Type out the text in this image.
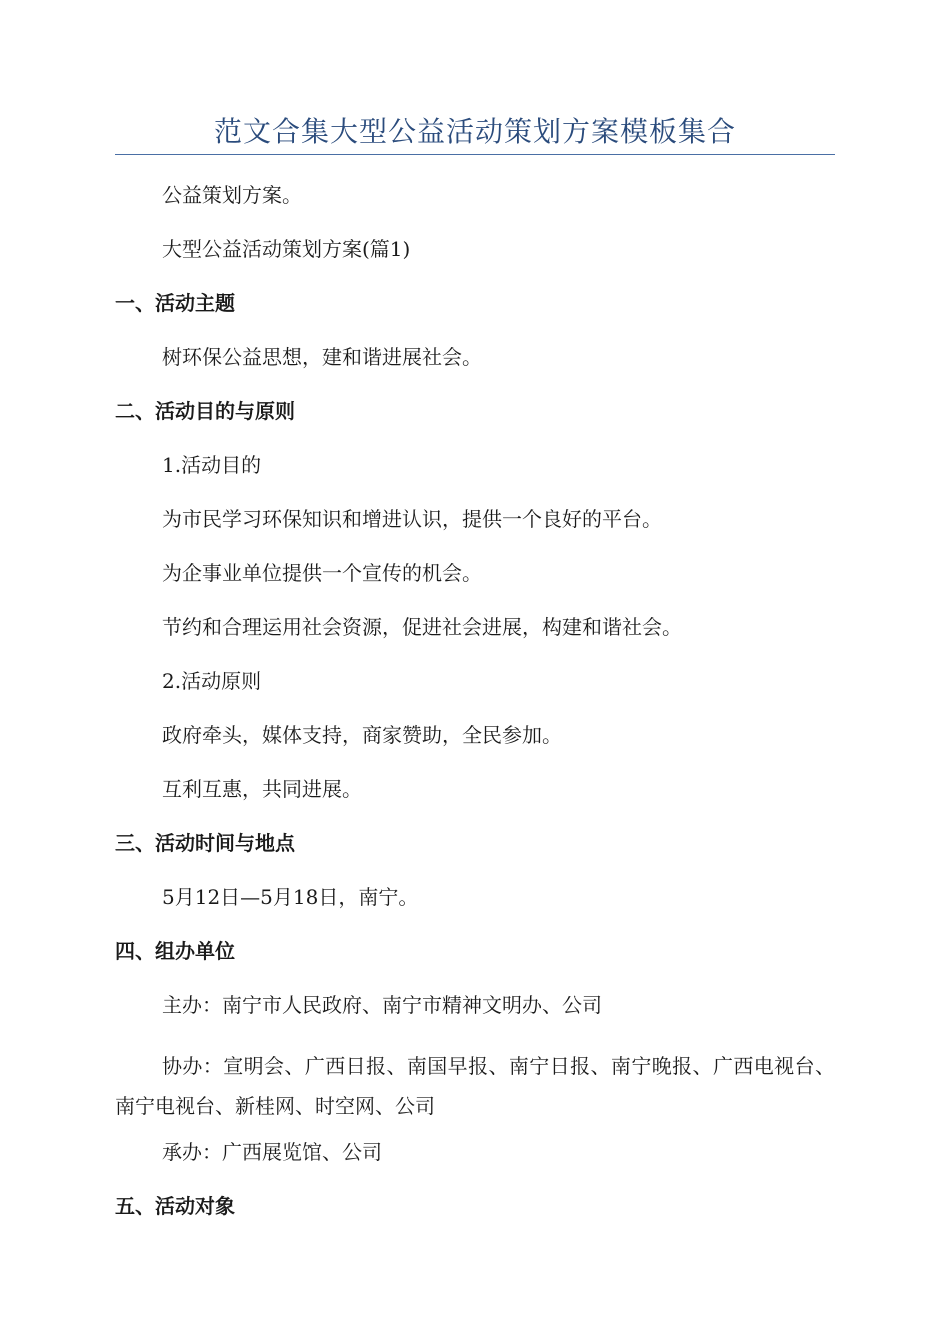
范文合集大型公益活动策划方案模板集合
公益策划方案。
大型公益活动策划方案(篇1)
一、活动主题
树环保公益思想，建和谐进展社会。
二、活动目的与原则
1.活动目的
为市民学习环保知识和增进认识，提供一个良好的平台。
为企事业单位提供一个宣传的机会。
节约和合理运用社会资源，促进社会进展，构建和谐社会。
2.活动原则
政府牵头，媒体支持，商家赞助，全民参加。
互利互惠，共同进展。
三、活动时间与地点
5月12日—5月18日，南宁。
四、组办单位
主办：南宁市人民政府、南宁市精神文明办、公司
协办：宣明会、广西日报、南国早报、南宁日报、南宁晚报、广西电视台、南宁电视台、新桂网、时空网、公司
承办：广西展览馆、公司
五、活动对象
